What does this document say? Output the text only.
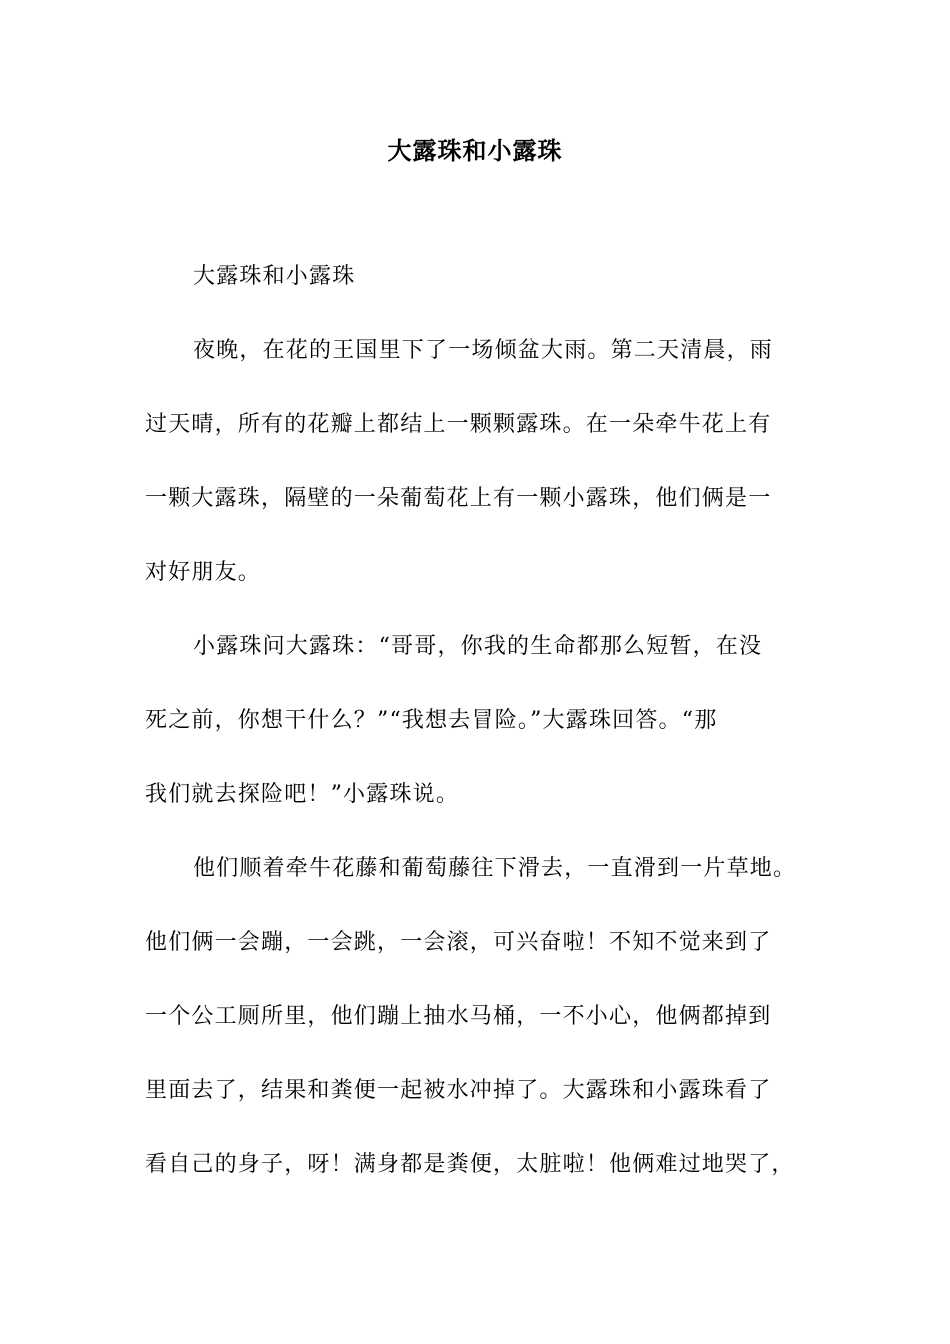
大露珠和小露珠
大露珠和小露珠
夜晚，在花的王国里下了一场倾盆大雨。第二天清晨，雨
过天晴，所有的花瓣上都结上一颗颗露珠。在一朵牵牛花上有
一颗大露珠，隔壁的一朵葡萄花上有一颗小露珠，他们俩是一
对好朋友。
小露珠问大露珠：“哥哥，你我的生命都那么短暂，在没
死之前，你想干什么？”“我想去冒险。”大露珠回答。“那
我们就去探险吧！”小露珠说。
他们顺着牵牛花藤和葡萄藤往下滑去，一直滑到一片草地。
他们俩一会蹦，一会跳，一会滚，可兴奋啦！不知不觉来到了
一个公工厕所里，他们蹦上抽水马桶，一不小心，他俩都掉到
里面去了，结果和粪便一起被水冲掉了。大露珠和小露珠看了
看自己的身子，呀！满身都是粪便，太脏啦！他俩难过地哭了，
